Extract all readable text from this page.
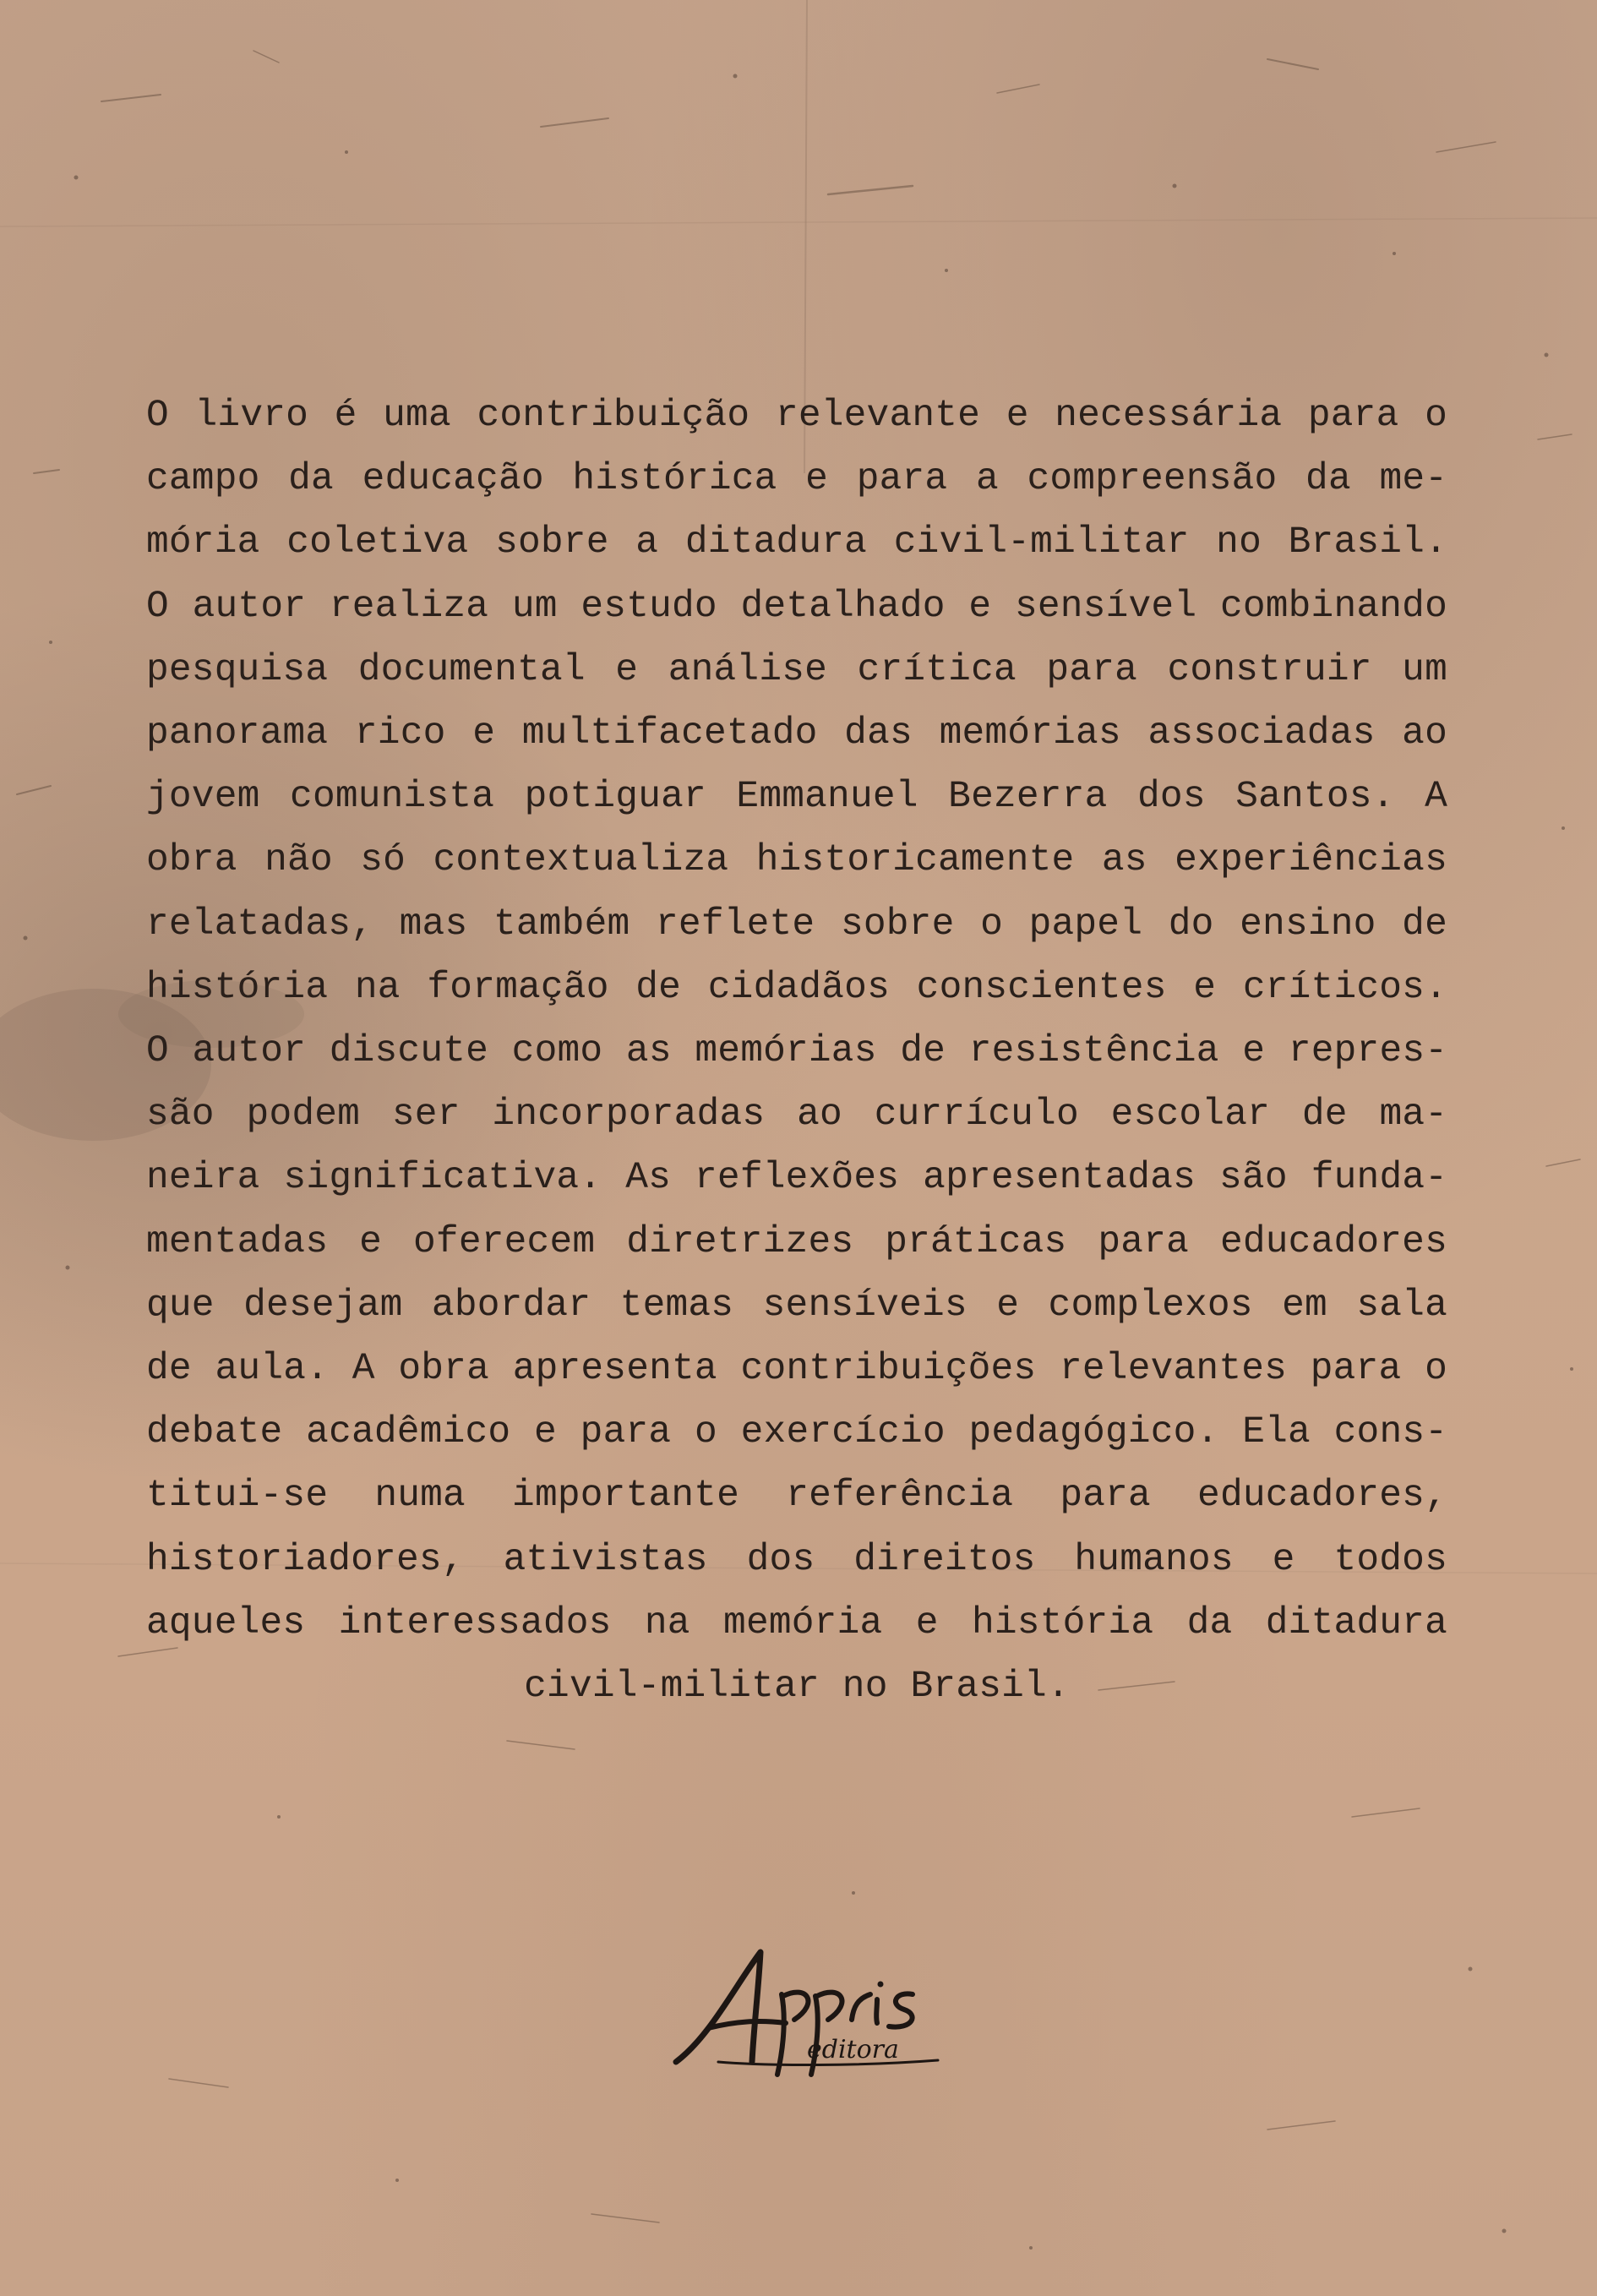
O livro é uma contribuição relevante e necessária para o campo da educação histórica e para a compreensão da memória coletiva sobre a ditadura civil-militar no Brasil. O autor realiza um estudo detalhado e sensível combinando pesquisa documental e análise crítica para construir um panorama rico e multifacetado das memórias associadas ao jovem comunista potiguar Emmanuel Bezerra dos Santos. A obra não só contextualiza historicamente as experiências relatadas, mas também reflete sobre o papel do ensino de história na formação de cidadãos conscientes e críticos. O autor discute como as memórias de resistência e repressão podem ser incorporadas ao currículo escolar de maneira significativa. As reflexões apresentadas são fundamentadas e oferecem diretrizes práticas para educadores que desejam abordar temas sensíveis e complexos em sala de aula. A obra apresenta contribuições relevantes para o debate acadêmico e para o exercício pedagógico. Ela constitui-se numa importante referência para educadores, historiadores, ativistas dos direitos humanos e todos aqueles interessados na memória e história da ditadura civil-militar no Brasil.

editora
